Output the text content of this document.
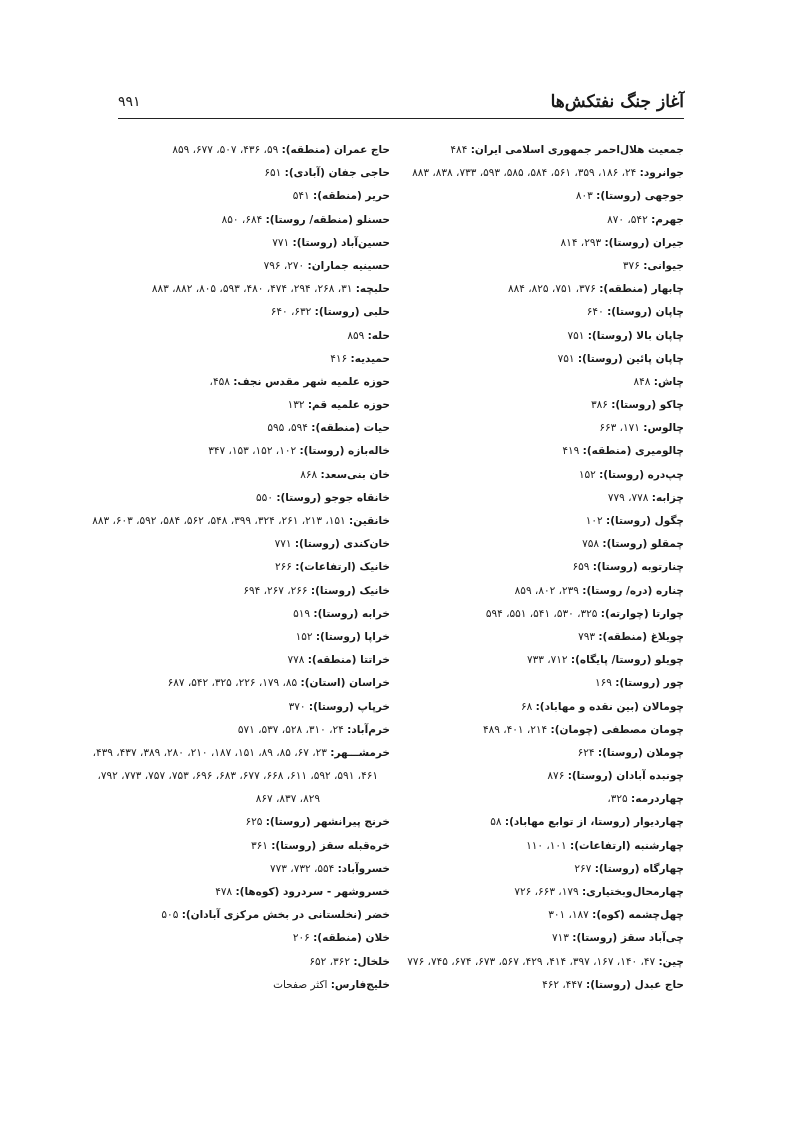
آغاز جنگ نفتکش‌ها
۹۹۱
جمعیت هلال‌احمر جمهوری اسلامی ایران: ۴۸۴
جوانرود: ۲۴، ۱۸۶، ۳۵۹، ۵۶۱، ۵۸۴، ۵۸۵، ۵۹۳، ۷۳۳، ۸۳۸، ۸۸۳
جوجهی (روستا): ۸۰۳
جهرم: ۵۴۲، ۸۷۰
جیران (روستا): ۲۹۳، ۸۱۴
جیوانی: ۳۷۶
چابهار (منطقه): ۳۷۶، ۷۵۱، ۸۲۵، ۸۸۴
چاپان (روستا): ۶۴۰
چاپان بالا (روستا): ۷۵۱
چاپان پائین (روستا): ۷۵۱
چاش: ۸۴۸
چاکو (روستا): ۳۸۶
چالوس: ۱۷۱، ۶۶۳
چالومیری (منطقه): ۴۱۹
چپ‌دره (روستا): ۱۵۲
چزابه: ۷۷۸، ۷۷۹
چگول (روستا): ۱۰۲
چمقلو (روستا): ۷۵۸
چنارتوبه (روستا): ۶۵۹
چناره (دره/ روستا): ۲۳۹، ۸۰۲، ۸۵۹
چوارتا (چوارته): ۳۲۵، ۵۳۰، ۵۴۱، ۵۵۱، ۵۹۴
چویلاغ (منطقه): ۷۹۳
چویلو (روستا/ پایگاه): ۷۱۲، ۷۳۳
چور (روستا): ۱۶۹
چومالان (بین نقده و مهاباد): ۶۸
چومان مصطفی (چومان): ۲۱۴، ۴۰۱، ۴۸۹
چوملان (روستا): ۶۲۴
چونبده آبادان (روستا): ۸۷۶
چهاردرمه: ۳۲۵،
چهاردیوار (روستا، از توابع مهاباد): ۵۸
چهارشنبه (ارتفاعات): ۱۰۱، ۱۱۰
چهارگاه (روستا): ۲۶۷
چهارمحال‌وبختیاری: ۱۷۹، ۶۶۳، ۷۲۶
چهل‌چشمه (کوه): ۱۸۷، ۳۰۱
چی‌آباد سقز (روستا): ۷۱۳
چین: ۴۷، ۱۴۰، ۱۶۷، ۳۹۷، ۴۱۴، ۴۲۹، ۵۶۷، ۶۷۳، ۶۷۴، ۷۴۵، ۷۷۶
حاج عبدل (روستا): ۴۴۷، ۴۶۲
حاج عمران (منطقه): ۵۹، ۴۳۶، ۵۰۷، ۶۷۷، ۸۵۹
حاجی جفان (آبادی): ۶۵۱
حریر (منطقه): ۵۴۱
حسنلو (منطقه/ روستا): ۶۸۴، ۸۵۰
حسین‌آباد (روستا): ۷۷۱
حسینیه جماران: ۲۷۰، ۷۹۶
حلبچه: ۳۱، ۲۶۸، ۲۹۴، ۴۷۴، ۴۸۰، ۵۹۳، ۸۰۵، ۸۸۲، ۸۸۳
حلبی (روستا): ۶۳۲، ۶۴۰
حله: ۸۵۹
حمیدیه: ۴۱۶
حوزه علمیه شهر مقدس نجف: ۴۵۸،
حوزه علمیه قم: ۱۳۲
حیات (منطقه): ۵۹۴، ۵۹۵
خاله‌بازه (روستا): ۱۰۲، ۱۵۲، ۱۵۳، ۳۴۷
خان بنی‌سعد: ۸۶۸
خانقاه جوجو (روستا): ۵۵۰
خانقین: ۱۵۱، ۲۱۳، ۲۶۱، ۳۲۴، ۳۹۹، ۵۴۸، ۵۶۲، ۵۸۴، ۵۹۲، ۶۰۳، ۸۸۳
خان‌کندی (روستا): ۷۷۱
خانیک (ارتفاعات): ۲۶۶
خانیک (روستا): ۲۶۶، ۲۶۷، ۶۹۴
خرابه (روستا): ۵۱۹
خراپا (روستا): ۱۵۲
خراتتا (منطقه): ۷۷۸
خراسان (استان): ۸۵، ۱۷۹، ۲۲۶، ۳۲۵، ۵۴۲، ۶۸۷
خرپاپ (روستا): ۳۷۰
خرم‌آباد: ۲۴، ۳۱۰، ۵۲۸، ۵۳۷، ۵۷۱
خرمشـــهر: ۲۳، ۶۷، ۸۵، ۸۹، ۱۵۱، ۱۸۷، ۲۱۰، ۲۸۰، ۳۸۹، ۴۳۷، ۴۳۹،
۴۶۱، ۵۹۱، ۵۹۲، ۶۱۱، ۶۶۸، ۶۷۷، ۶۸۳، ۶۹۶، ۷۵۳، ۷۵۷، ۷۷۳، ۷۹۲،
۸۲۹، ۸۳۷، ۸۶۷
خرنج پیرانشهر (روستا): ۶۲۵
خره‌قبله سقز (روستا): ۳۶۱
خسروآباد: ۵۵۴، ۷۳۲، ۷۷۳
خسروشهر - سردرود (کوه‌ها): ۴۷۸
خضر (نخلستانی در بخش مرکزی آبادان): ۵۰۵
خلان (منطقه): ۲۰۶
خلخال: ۳۶۲، ۶۵۲
خلیج‌فارس: اکثر صفحات
